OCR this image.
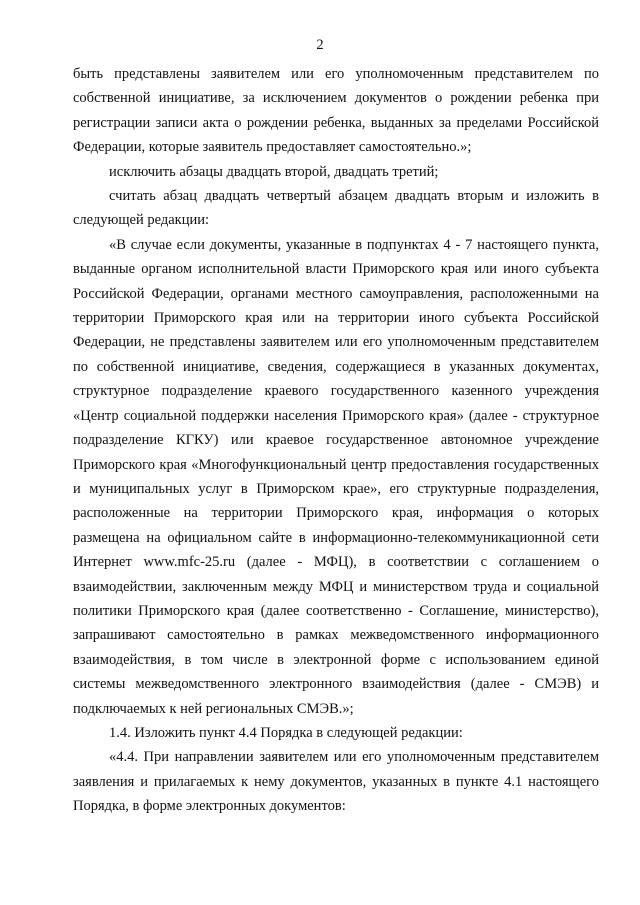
2

быть представлены заявителем или его уполномоченным представителем по собственной инициативе, за исключением документов о рождении ребенка при регистрации записи акта о рождении ребенка, выданных за пределами Российской Федерации, которые заявитель предоставляет самостоятельно.»;

исключить абзацы двадцать второй, двадцать третий;

считать абзац двадцать четвертый абзацем двадцать вторым и изложить в следующей редакции:

«В случае если документы, указанные в подпунктах 4 - 7 настоящего пункта, выданные органом исполнительной власти Приморского края или иного субъекта Российской Федерации, органами местного самоуправления, расположенными на территории Приморского края или на территории иного субъекта Российской Федерации, не представлены заявителем или его уполномоченным представителем по собственной инициативе, сведения, содержащиеся в указанных документах, структурное подразделение краевого государственного казенного учреждения «Центр социальной поддержки населения Приморского края» (далее - структурное подразделение КГКУ) или краевое государственное автономное учреждение Приморского края «Многофункциональный центр предоставления государственных и муниципальных услуг в Приморском крае», его структурные подразделения, расположенные на территории Приморского края, информация о которых размещена на официальном сайте в информационно-телекоммуникационной сети Интернет www.mfc-25.ru (далее - МФЦ), в соответствии с соглашением о взаимодействии, заключенным между МФЦ и министерством труда и социальной политики Приморского края (далее соответственно - Соглашение, министерство), запрашивают самостоятельно в рамках межведомственного информационного взаимодействия, в том числе в электронной форме с использованием единой системы межведомственного электронного взаимодействия (далее - СМЭВ) и подключаемых к ней региональных СМЭВ.»;

1.4. Изложить пункт 4.4 Порядка в следующей редакции:

«4.4. При направлении заявителем или его уполномоченным представителем заявления и прилагаемых к нему документов, указанных в пункте 4.1 настоящего Порядка, в форме электронных документов:
